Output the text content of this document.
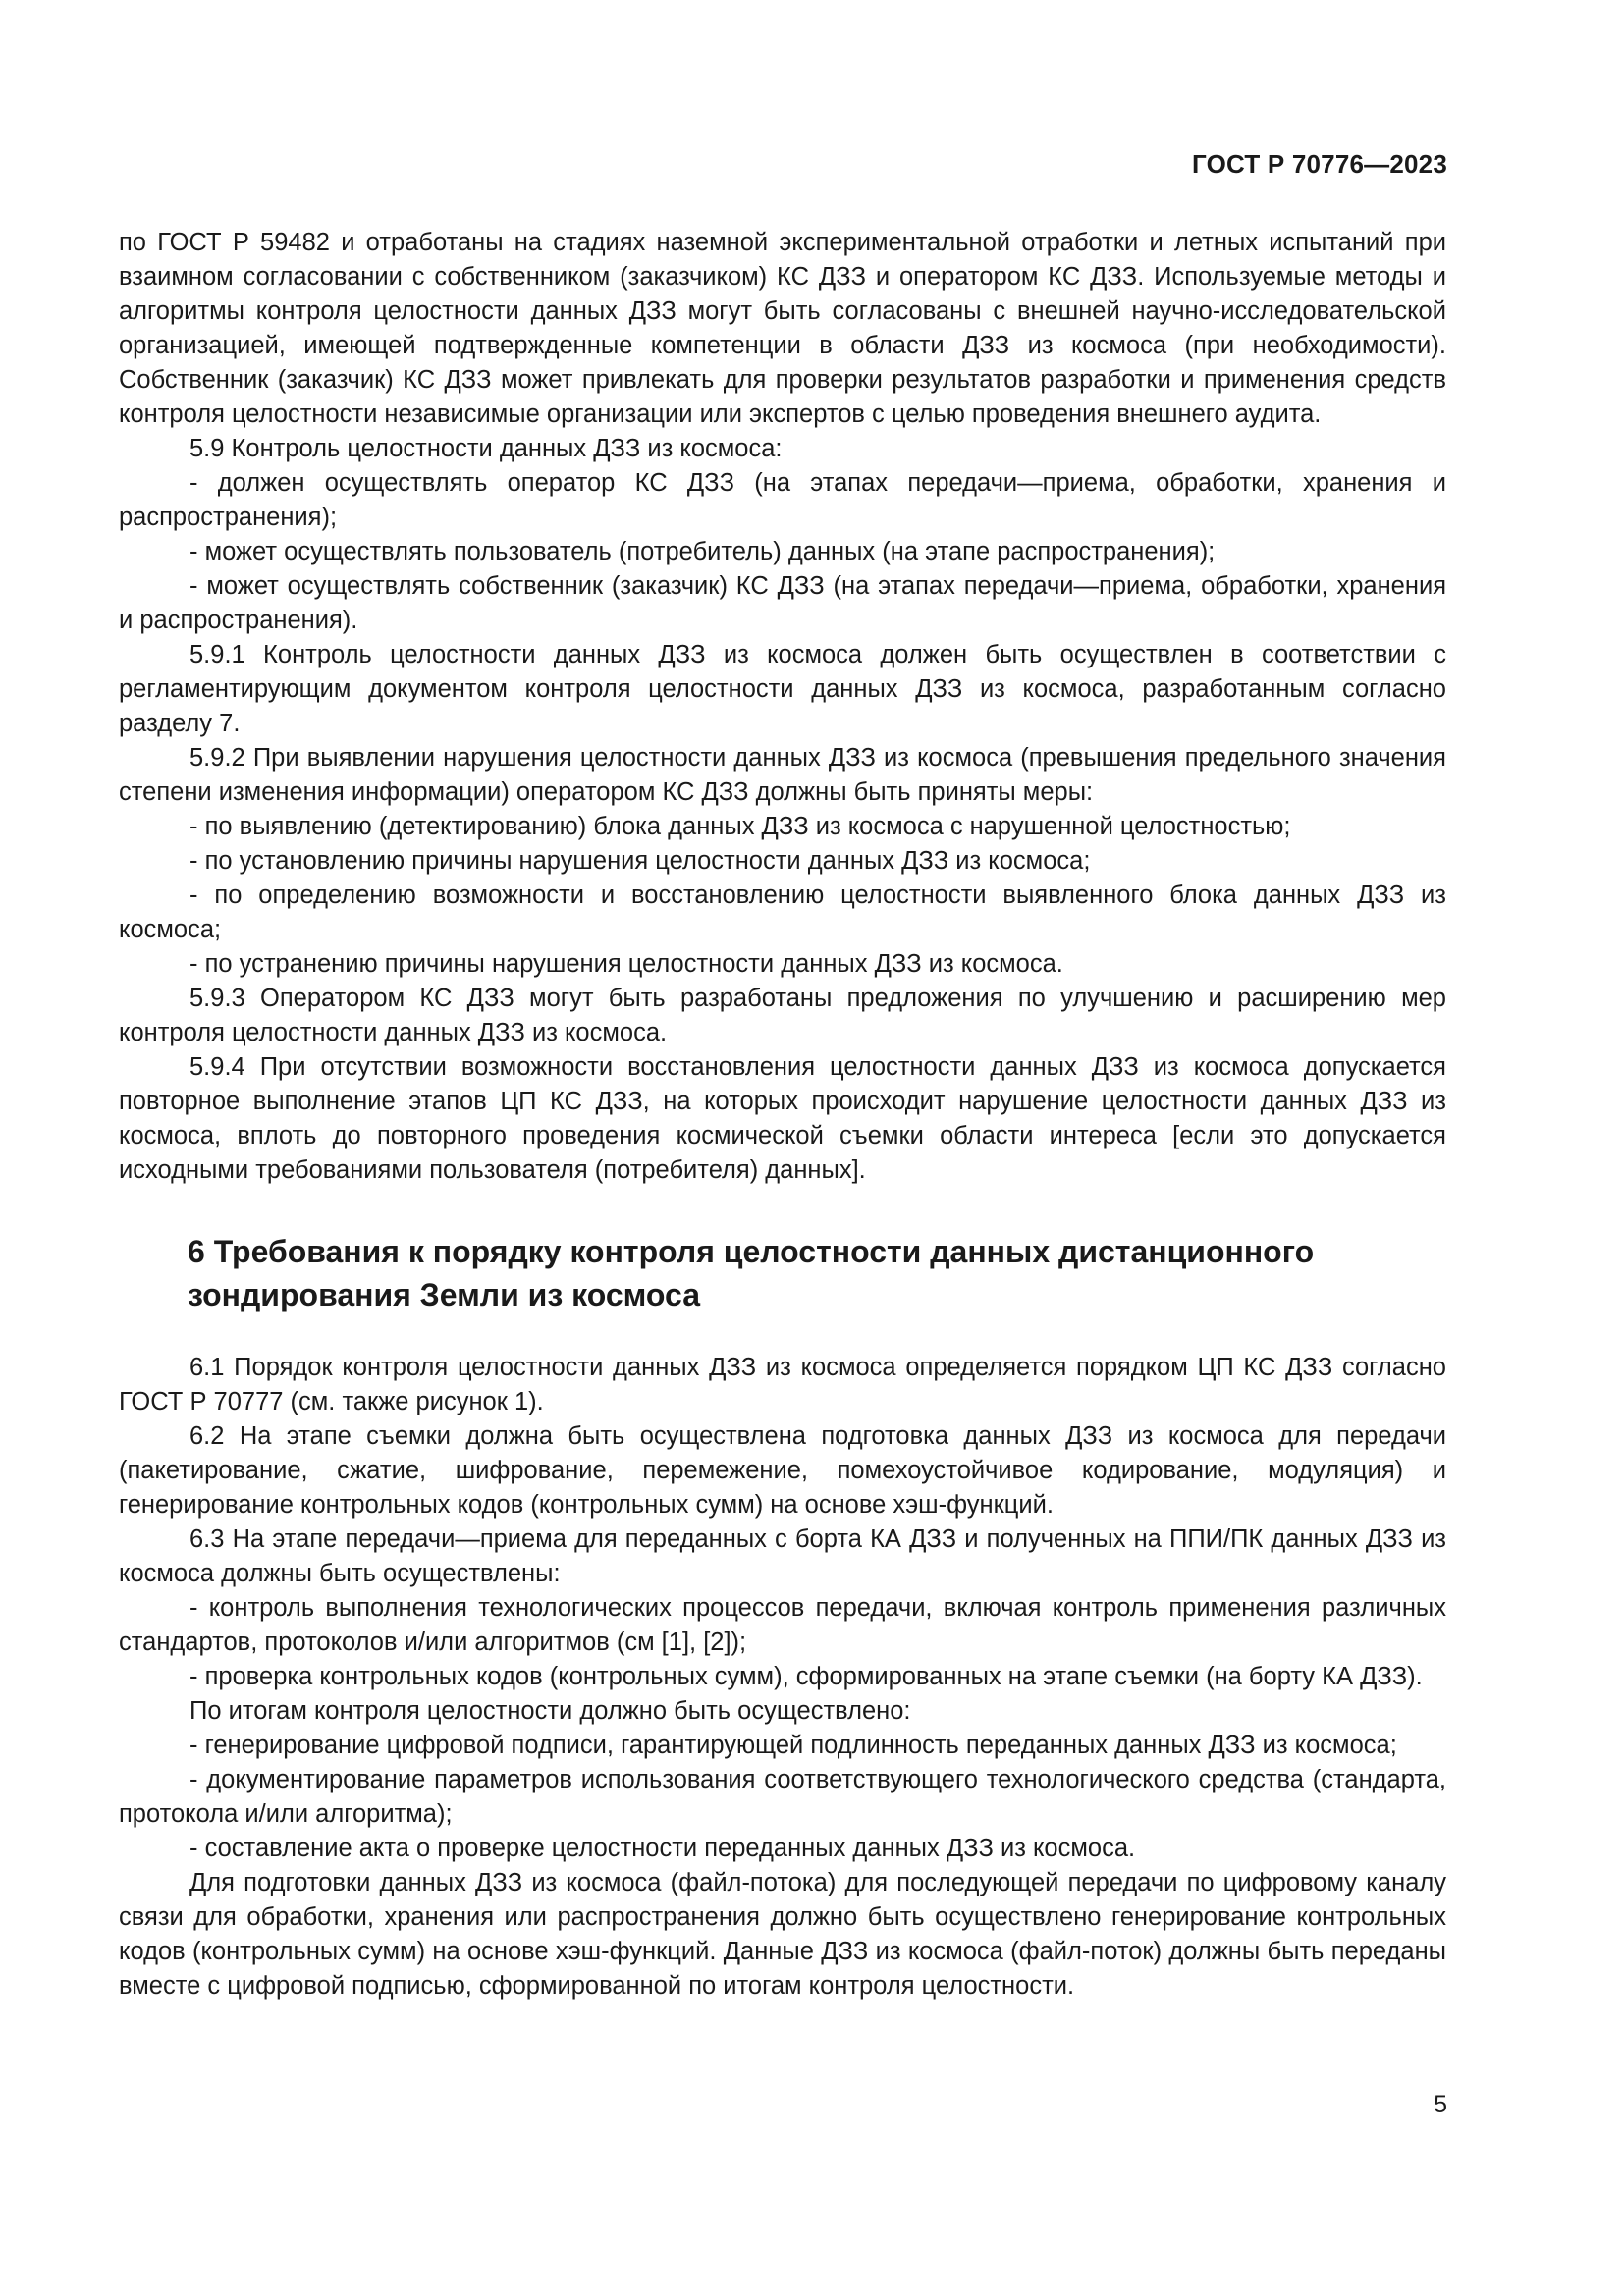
ГОСТ Р 70776—2023

по ГОСТ Р 59482 и отработаны на стадиях наземной экспериментальной отработки и летных испытаний при взаимном согласовании с собственником (заказчиком) КС ДЗЗ и оператором КС ДЗЗ. Используемые методы и алгоритмы контроля целостности данных ДЗЗ могут быть согласованы с внешней научно-исследовательской организацией, имеющей подтвержденные компетенции в области ДЗЗ из космоса (при необходимости). Собственник (заказчик) КС ДЗЗ может привлекать для проверки результатов разработки и применения средств контроля целостности независимые организации или экспертов с целью проведения внешнего аудита.

5.9 Контроль целостности данных ДЗЗ из космоса:

- должен осуществлять оператор КС ДЗЗ (на этапах передачи—приема, обработки, хранения и распространения);

- может осуществлять пользователь (потребитель) данных (на этапе распространения);

- может осуществлять собственник (заказчик) КС ДЗЗ (на этапах передачи—приема, обработки, хранения и распространения).

5.9.1 Контроль целостности данных ДЗЗ из космоса должен быть осуществлен в соответствии с регламентирующим документом контроля целостности данных ДЗЗ из космоса, разработанным согласно разделу 7.

5.9.2 При выявлении нарушения целостности данных ДЗЗ из космоса (превышения предельного значения степени изменения информации) оператором КС ДЗЗ должны быть приняты меры:

- по выявлению (детектированию) блока данных ДЗЗ из космоса с нарушенной целостностью;

- по установлению причины нарушения целостности данных ДЗЗ из космоса;

- по определению возможности и восстановлению целостности выявленного блока данных ДЗЗ из космоса;

- по устранению причины нарушения целостности данных ДЗЗ из космоса.

5.9.3 Оператором КС ДЗЗ могут быть разработаны предложения по улучшению и расширению мер контроля целостности данных ДЗЗ из космоса.

5.9.4 При отсутствии возможности восстановления целостности данных ДЗЗ из космоса допускается повторное выполнение этапов ЦП КС ДЗЗ, на которых происходит нарушение целостности данных ДЗЗ из космоса, вплоть до повторного проведения космической съемки области интереса [если это допускается исходными требованиями пользователя (потребителя) данных].

6 Требования к порядку контроля целостности данных дистанционного зондирования Земли из космоса

6.1 Порядок контроля целостности данных ДЗЗ из космоса определяется порядком ЦП КС ДЗЗ согласно ГОСТ Р 70777 (см. также рисунок 1).

6.2 На этапе съемки должна быть осуществлена подготовка данных ДЗЗ из космоса для передачи (пакетирование, сжатие, шифрование, перемежение, помехоустойчивое кодирование, модуляция) и генерирование контрольных кодов (контрольных сумм) на основе хэш-функций.

6.3 На этапе передачи—приема для переданных с борта КА ДЗЗ и полученных на ППИ/ПК данных ДЗЗ из космоса должны быть осуществлены:

- контроль выполнения технологических процессов передачи, включая контроль применения различных стандартов, протоколов и/или алгоритмов (см [1], [2]);

- проверка контрольных кодов (контрольных сумм), сформированных на этапе съемки (на борту КА ДЗЗ).

По итогам контроля целостности должно быть осуществлено:

- генерирование цифровой подписи, гарантирующей подлинность переданных данных ДЗЗ из космоса;

- документирование параметров использования соответствующего технологического средства (стандарта, протокола и/или алгоритма);

- составление акта о проверке целостности переданных данных ДЗЗ из космоса.

Для подготовки данных ДЗЗ из космоса (файл-потока) для последующей передачи по цифровому каналу связи для обработки, хранения или распространения должно быть осуществлено генерирование контрольных кодов (контрольных сумм) на основе хэш-функций. Данные ДЗЗ из космоса (файл-поток) должны быть переданы вместе с цифровой подписью, сформированной по итогам контроля целостности.

5
